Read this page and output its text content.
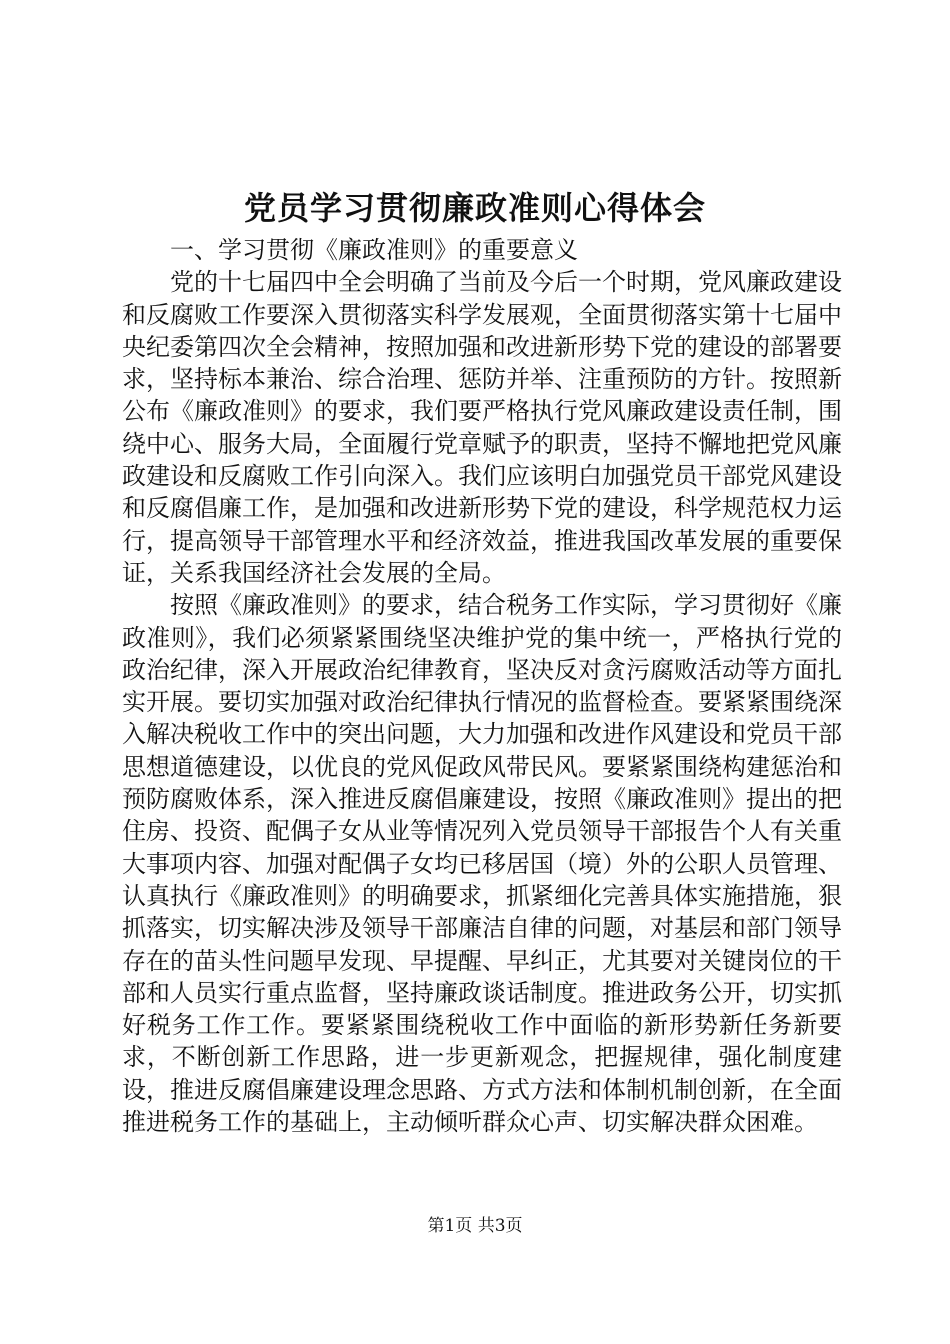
党员学习贯彻廉政准则心得体会

一、学习贯彻《廉政准则》的重要意义

党的十七届四中全会明确了当前及今后一个时期，党风廉政建设和反腐败工作要深入贯彻落实科学发展观，全面贯彻落实第十七届中央纪委第四次全会精神，按照加强和改进新形势下党的建设的部署要求，坚持标本兼治、综合治理、惩防并举、注重预防的方针。按照新公布《廉政准则》的要求，我们要严格执行党风廉政建设责任制，围绕中心、服务大局，全面履行党章赋予的职责，坚持不懈地把党风廉政建设和反腐败工作引向深入。我们应该明白加强党员干部党风建设和反腐倡廉工作，是加强和改进新形势下党的建设，科学规范权力运行，提高领导干部管理水平和经济效益，推进我国改革发展的重要保证，关系我国经济社会发展的全局。

按照《廉政准则》的要求，结合税务工作实际，学习贯彻好《廉政准则》，我们必须紧紧围绕坚决维护党的集中统一，严格执行党的政治纪律，深入开展政治纪律教育，坚决反对贪污腐败活动等方面扎实开展。要切实加强对政治纪律执行情况的监督检查。要紧紧围绕深入解决税收工作中的突出问题，大力加强和改进作风建设和党员干部思想道德建设，以优良的党风促政风带民风。要紧紧围绕构建惩治和预防腐败体系，深入推进反腐倡廉建设，按照《廉政准则》提出的把住房、投资、配偶子女从业等情况列入党员领导干部报告个人有关重大事项内容、加强对配偶子女均已移居国（境）外的公职人员管理、认真执行《廉政准则》的明确要求，抓紧细化完善具体实施措施，狠抓落实，切实解决涉及领导干部廉洁自律的问题，对基层和部门领导存在的苗头性问题早发现、早提醒、早纠正，尤其要对关键岗位的干部和人员实行重点监督，坚持廉政谈话制度。推进政务公开，切实抓好税务工作工作。要紧紧围绕税收工作中面临的新形势新任务新要求，不断创新工作思路，进一步更新观念，把握规律，强化制度建设，推进反腐倡廉建设理念思路、方式方法和体制机制创新，在全面推进税务工作的基础上，主动倾听群众心声、切实解决群众困难。

第1页 共3页
